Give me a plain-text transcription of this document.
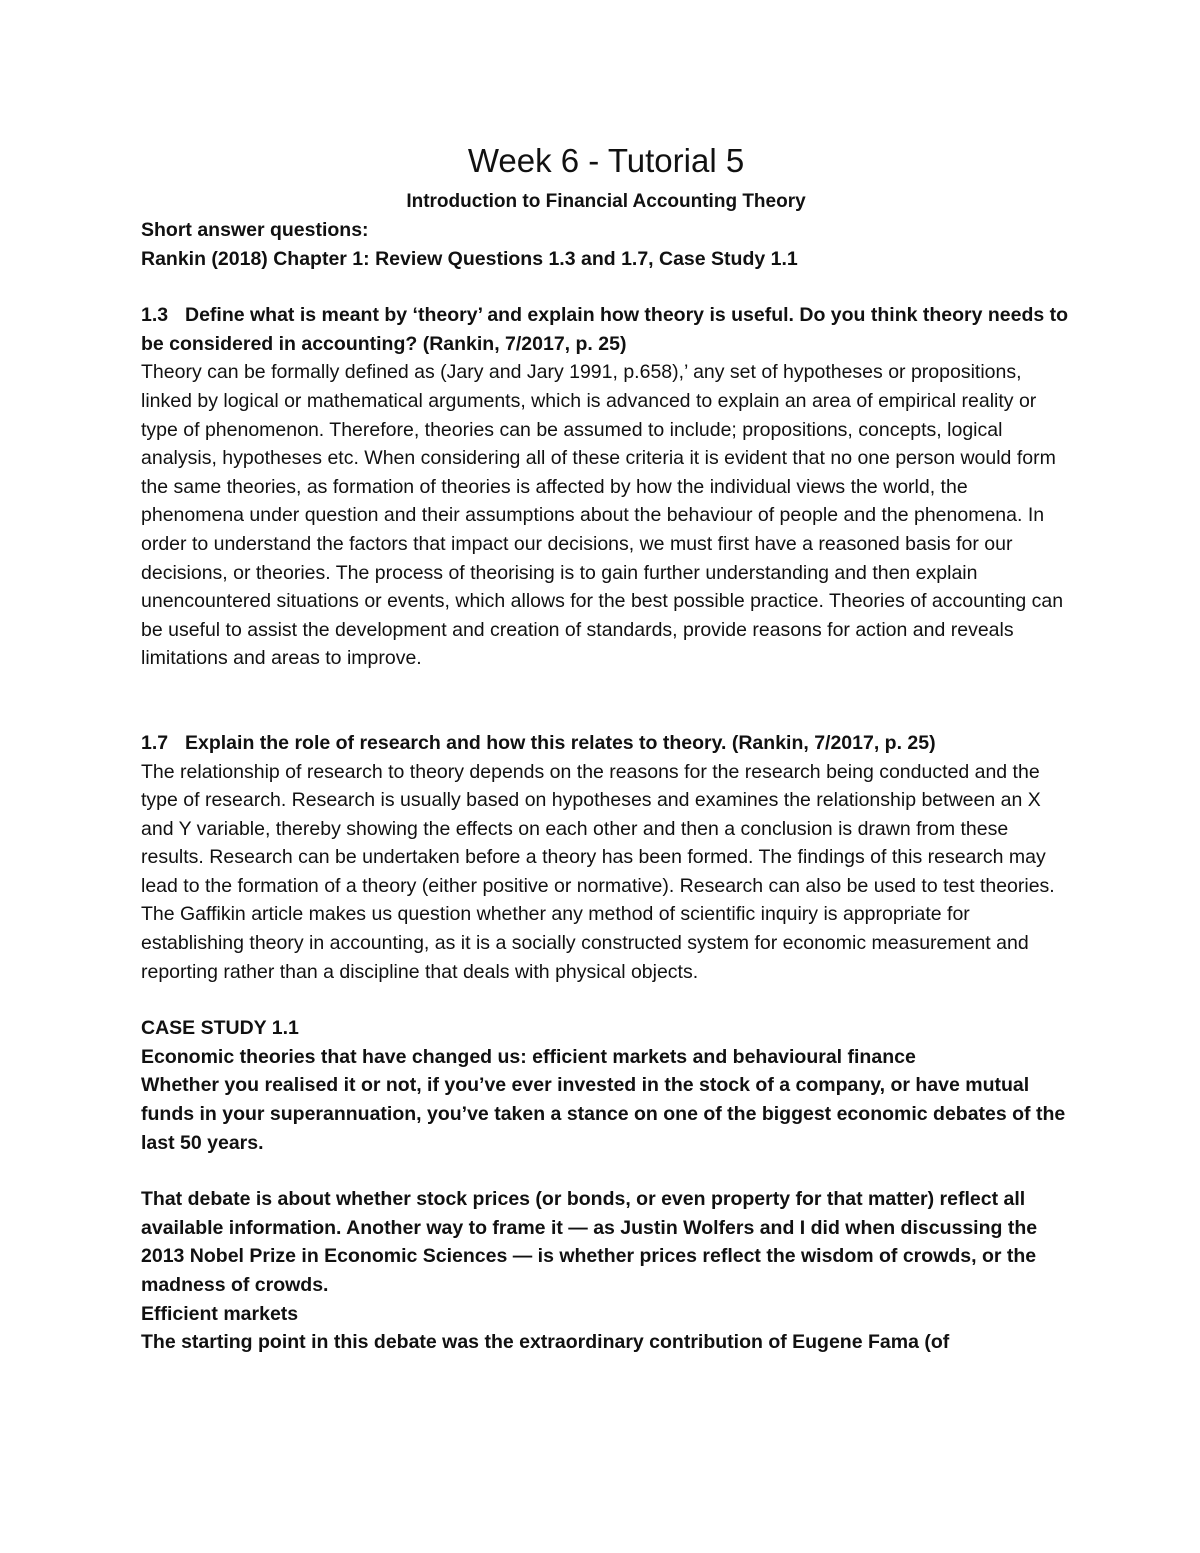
Week 6 - Tutorial 5

Introduction to Financial Accounting Theory

Short answer questions:

Rankin (2018) Chapter 1: Review Questions 1.3 and 1.7, Case Study 1.1

1.3 Define what is meant by ‘theory’ and explain how theory is useful. Do you think theory needs to be considered in accounting? (Rankin, 7/2017, p. 25)

Theory can be formally defined as (Jary and Jary 1991, p.658),’ any set of hypotheses or propositions, linked by logical or mathematical arguments, which is advanced to explain an area of empirical reality or type of phenomenon. Therefore, theories can be assumed to include; propositions, concepts, logical analysis, hypotheses etc. When considering all of these criteria it is evident that no one person would form the same theories, as formation of theories is affected by how the individual views the world, the phenomena under question and their assumptions about the behaviour of people and the phenomena. In order to understand the factors that impact our decisions, we must first have a reasoned basis for our decisions, or theories. The process of theorising is to gain further understanding and then explain unencountered situations or events, which allows for the best possible practice. Theories of accounting can be useful to assist the development and creation of standards, provide reasons for action and reveals limitations and areas to improve.

1.7 Explain the role of research and how this relates to theory. (Rankin, 7/2017, p. 25)

The relationship of research to theory depends on the reasons for the research being conducted and the type of research. Research is usually based on hypotheses and examines the relationship between an X and Y variable, thereby showing the effects on each other and then a conclusion is drawn from these results. Research can be undertaken before a theory has been formed. The findings of this research may lead to the formation of a theory (either positive or normative). Research can also be used to test theories. The Gaffikin article makes us question whether any method of scientific inquiry is appropriate for establishing theory in accounting, as it is a socially constructed system for economic measurement and reporting rather than a discipline that deals with physical objects.

CASE STUDY 1.1

Economic theories that have changed us: efficient markets and behavioural finance

Whether you realised it or not, if you’ve ever invested in the stock of a company, or have mutual funds in your superannuation, you’ve taken a stance on one of the biggest economic debates of the last 50 years.

That debate is about whether stock prices (or bonds, or even property for that matter) reflect all available information. Another way to frame it — as Justin Wolfers and I did when discussing the 2013 Nobel Prize in Economic Sciences — is whether prices reflect the wisdom of crowds, or the madness of crowds.

Efficient markets

The starting point in this debate was the extraordinary contribution of Eugene Fama (of
